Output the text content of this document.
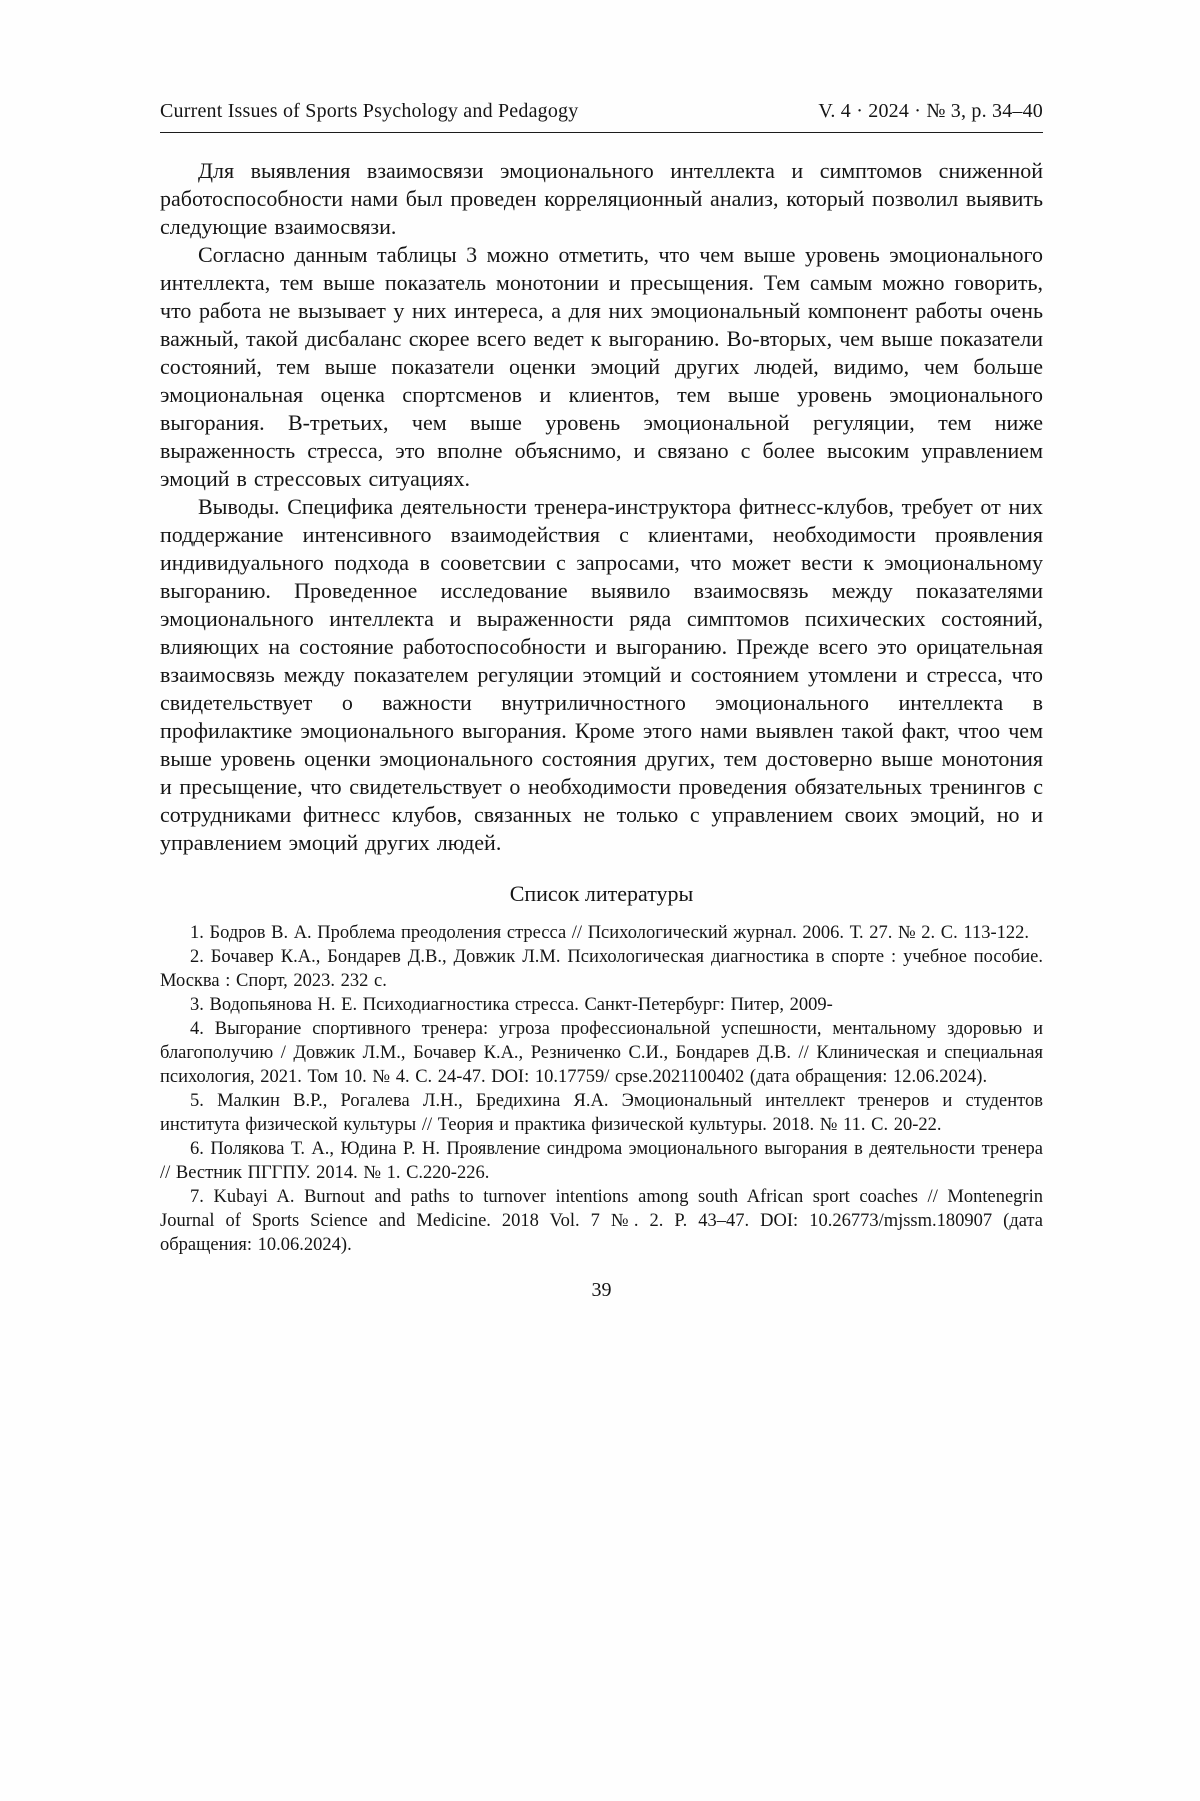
Current Issues of Sports Psychology and Pedagogy	V. 4 · 2024 · № 3, p. 34–40

Для выявления взаимосвязи эмоционального интеллекта и симптомов сниженной работоспособности нами был проведен корреляционный анализ, который позволил выявить следующие взаимосвязи.

Согласно данным таблицы 3 можно отметить, что чем выше уровень эмоционального интеллекта, тем выше показатель монотонии и пресыщения. Тем самым можно говорить, что работа не вызывает у них интереса, а для них эмоциональный компонент работы очень важный, такой дисбаланс скорее всего ведет к выгоранию. Во-вторых, чем выше показатели состояний, тем выше показатели оценки эмоций других людей, видимо, чем больше эмоциональная оценка спортсменов и клиентов, тем выше уровень эмоционального выгорания. В-третьих, чем выше уровень эмоциональной регуляции, тем ниже выраженность стресса, это вполне объяснимо, и связано с более высоким управлением эмоций в стрессовых ситуациях.

Выводы. Специфика деятельности тренера-инструктора фитнесс-клубов, требует от них поддержание интенсивного взаимодействия с клиентами, необходимости проявления индивидуального подхода в сооветсвии с запросами, что может вести к эмоциональному выгоранию. Проведенное исследование выявило взаимосвязь между показателями эмоционального интеллекта и выраженности ряда симптомов психических состояний, влияющих на состояние работоспособности и выгоранию. Прежде всего это орицательная взаимосвязь между показателем регуляции этомций и состоянием утомлени и стресса, что свидетельствует о важности внутриличностного эмоционального интеллекта в профилактике эмоционального выгорания. Кроме этого нами выявлен такой факт, чтоо чем выше уровень оценки эмоционального состояния других, тем достоверно выше монотония и пресыщение, что свидетельствует о необходимости проведения обязательных тренингов с сотрудниками фитнесс клубов, связанных не только с управлением своих эмоций, но и управлением эмоций других людей.

Список литературы

1. Бодров В. А. Проблема преодоления стресса // Психологический журнал. 2006. Т. 27. № 2. С. 113-122.

2. Бочавер К.А., Бондарев Д.В., Довжик Л.М. Психологическая диагностика в спорте : учебное пособие. Москва : Спорт, 2023. 232 с.

3. Водопьянова Н. Е. Психодиагностика стресса. Санкт-Петербург: Питер, 2009-

4. Выгорание спортивного тренера: угроза профессиональной успешности, ментальному здоровью и благополучию / Довжик Л.М., Бочавер К.А., Резниченко С.И., Бондарев Д.В. // Клиническая и специальная психология, 2021. Том 10. № 4. С. 24-47. DOI: 10.17759/ cpse.2021100402 (дата обращения: 12.06.2024).

5. Малкин В.Р., Рогалева Л.Н., Бредихина Я.А. Эмоциональный интеллект тренеров и студентов института физической культуры // Теория и практика физической культуры. 2018. № 11. С. 20-22.

6. Полякова Т. А., Юдина Р. Н. Проявление синдрома эмоционального выгорания в деятельности тренера // Вестник ПГГПУ. 2014. № 1. С.220-226.

7. Kubayi A. Burnout and paths to turnover intentions among south African sport coaches // Montenegrin Journal of Sports Science and Medicine. 2018 Vol. 7 №. 2. P. 43–47. DOI: 10.26773/mjssm.180907 (дата обращения: 10.06.2024).

39
